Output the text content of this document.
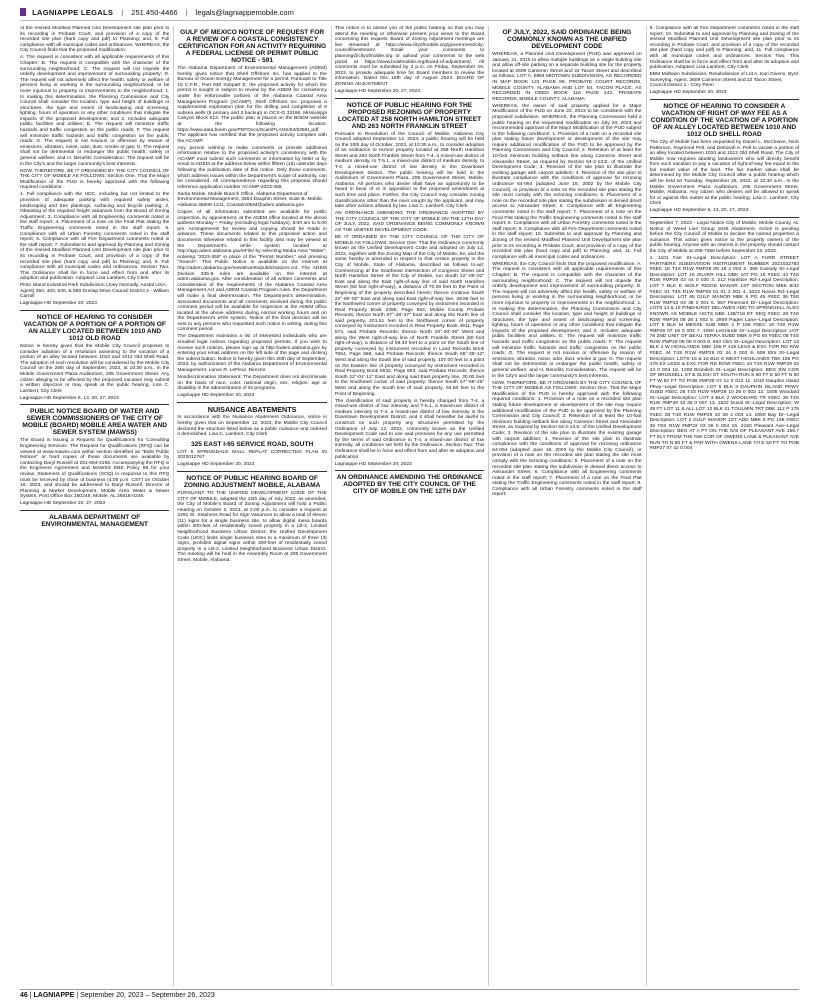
LAGNIAPPE LEGALS | 251.450-4466 | legals@lagniappemobile.com

of the revised Modified Planned Unit Development site plan prior to its recording in Probate Court, and provision of a copy of the recorded site plan (hard copy and pdf) to Planning; and, 8. Full compliance with all municipal codes and ordinances. WHEREAS, the City Council finds that the proposed modification:

A. The request is consistent with all applicable requirements of this Chapter; B. The request is compatible with the character of the surrounding neighborhood; C. The request will not impede the orderly development and improvement of surrounding property; D. The request will not adversely affect the health, safety or welfare of persons living or working in the surrounding neighborhood, or be more injurious to property or improvements in the neighborhood; 1. In making this determination, the Planning Commission and City Council shall consider the location, type and height of buildings or structures, the type and extent of landscaping and screening, lighting, hours of operation or any other conditions that mitigate the impacts of the proposed development; and 2. Includes adequate public facilities and utilities; E. The request will minimize traffic hazards and traffic congestion on the public roads; F. The request will minimize traffic hazards and traffic congestion on the public roads; G. The request is not noxious or offensive by reason of emissions, vibration, noise, odor, dust, smoke or gas; G. The request shall not be detrimental or endanger the public health, safety or general welfare; and H. Benefits Consideration. The request will be in the City's and the larger community's best interests.

NOW, THEREFORE, BE IT ORDAINED BY THE CITY COUNCIL OF THE CITY OF MOBILE AS FOLLOWS: Section One. That the Major Modification of the PUD is hereby approved with the following required conditions:

1. Full compliance with the UDC, including but not limited to the provision of adequate parking with required safety aisles, landscaping and tree plantings, surfacing and bicycle parking; 2. Obtaining of the required height variances from the Board of Zoning Adjustment; 3. Compliance with all Engineering comments noted in the staff report; 4. Placement of a note on the Final Plat stating the Traffic Engineering comments noted in the staff report; 5. Compliance with all Urban Forestry comments noted in the staff report; 6. Compliance with all Fire Department comments noted in the staff report; 7. Submittal to and approval by Planning and Zoning of the revised Modified Planned Unit Development site plan prior to its recording in Probate Court, and provision of a copy of the recorded site plan (hard copy and pdf) to Planning; and, 8. Full compliance with all municipal codes and ordinances. Section Two. This Ordinance shall be in force and effect from and after its adoption and publication. Adopted: Lisa Lambert, City Clerk

Pinto Island Industrial Park Subdivision (Joey Nonnally, Austal USA, Agent) 350, 400, 530, & 660 Dunlap Drive Council District 2 - William Carroll

Lagniappe HD September 20, 2023

NOTICE OF HEARING TO CONSIDER VACATION OF A PORTION OF A PORTION OF AN ALLEY LOCATED BETWEEN 1010 AND 1012 OLD ROAD

Notice is hereby given that the Mobile City Council proposes to consider adoption of a resolution assenting to the vacation of a portion of an alley located between 1010 and 1012 Old Shell Road. The adoption of such resolution will be considered by the Mobile City Council on the 26th day of September, 2023, at 10:30 a.m., in the Mobile Government Plaza Auditorium, 205 Government Street. Any citizen alleging to be affected by the proposed vacation may submit a written objection or may speak at the public hearing. Lisa C. Lambert, City Clerk

Lagniappe HD September 6, 13, 20, 27, 2023

PUBLIC NOTICE BOARD OF WATER AND SEWER COMMISSIONERS OF THE CITY OF MOBILE (BOARD) MOBILE AREA WATER AND SEWER SYSTEM (MAWSS)

The Board is issuing a Request for Qualifications for Consulting Engineering Services. The Request for Qualifications (RFQ) can be viewed at www.mawss.com within section identified as "Bids/ Public Notices" or hard copies of these documents are available by contacting Daryl Russell at 251-694-3196. Accompanying the RFQ is the Engineers Agreement and MAWSS EBE Policy 98 for your review. Statement of Qualifications (SOQ) in response to this RFQ must be received by close of business (4:00 p.m. CST) on October 16, 2023, and should be addressed to Daryl Russell, Director of Planning & Market Development, Mobile Area Water & Sewer System, Post Office Box 180249, Mobile, AL 36618-0249.

Lagniappe HD September 20, 27, 2023

ALABAMA DEPARTMENT OF ENVIRONMENTAL MANAGEMENT
GULF OF MEXICO NOTICE OF REQUEST FOR A REVIEW OF A COASTAL CONSISTENCY CERTIFICATION FOR AN ACTIVITY REQUIRING A FEDERAL LICENSE OR PERMIT PUBLIC NOTICE - 591

The Alabama Department of Environmental Management (ADEM) hereby gives notice that Shell Offshore Inc. has applied to the Bureau of Ocean Energy Management for a permit. Pursuant to Title 15 C.F.R., Part 930 Subpart E, the proposed activity for which the permit is sought is subject to review by the ADEM for consistency under the enforceable policies of the Alabama Coastal Area Management Program (ACAMP). Shell Offshore Inc. proposes a supplemental exploration plan for the drilling and completion of 8 subsea wells (5 primary and 3 backup) in OCS-G 33166, Mississippi Canyon Block 612. The public plan is placed on the BOEM website at the following location: https://www.data.boem.gov/PDFDocs/Scan/PLANS/53/53581.pdf. The applicant has certified that the proposed activity complies with the ACAMP.

Any person wishing to make comments or provide additional information relative to the proposed activity's consistency with the ACAMP must submit such comments or information by letter or by email to ADEM at the address below within fifteen (15) calendar days following the publication date of this notice. Only those comments, which address issues within the Department's scope of authority, can be considered. All correspondence regarding this proposal should reference application number ACAMP-2023-359.

Sarita Mickle, Mobile Branch Office, Alabama Department of Environmental Management, 3664 Dauphin Street, Suite B, Mobile, Alabama 36608-1211, CoastalADEM@adem.alabama.gov

Copies of all information submitted are available for public inspection, by appointment, at the ADEM office located at the above address Monday – Friday (excluding legal holidays), 8:00 am to 5:00 pm. Arrangements for review and copying should be made in advance. These documents related to this proposed action and documents otherwise related to this facility also may be viewed at the Department's eFile system located at http://app.adem.alabama.gov/eFile/ by selecting Media Area "Water", entering "2023-359" in place of the "Permit Number," and pressing "Search". This Public Notice is available on the internet at http://adem.alabama.gov/newsEvents/publicNotices.cnt. The ADEM Division 335-8 rules are available on the internet at adem.alabama.gov. After consideration of all written comments and consideration of the requirements of the Alabama Coastal Area Management Act and ADEM Coastal Program rules, the Department will make a final determination. The Department's determination, associated documents and all comments received during the public comment period will be available for inspection at the ADEM office located at the above address during normal working hours and on the Department's eFile system. Notice of the final decision will be sent to any persons who requested such notice in writing, during this comment period.

The Department maintains a list of interested individuals who are emailed legal notices regarding proposed permits. If you wish to receive such notices, please sign up at http://adem.alabama.gov by entering your email address on the left side of the page and clicking the submit button. Notice is hereby given this 20th day of September, 2023, by authorization of the Alabama Department of Environmental Management. Lance R. LeFleur, Director

Nondiscrimination Statement: The Department does not discriminate on the basis of race, color, national origin, sex, religion, age or disability in the administration of its programs.

Lagniappe HD September 20, 2023

NUISANCE ABATEMENTS

In accordance with the Nuisance Abatement Ordinance, notice is hereby given that on September 12, 2023, the Mobile City Council declared the structure listed below as a public nuisance and ordered it demolished. Lisa C. Lambert, City Clerk

325 EAST I-65 SERVICE ROAD, SOUTH

LOT 5 SPRINGDALE MALL REPLAT CORRECTED PLAN IN 2022012767

Lagniappe HD September 20, 2023

NOTICE OF PUBLIC HEARING BOARD OF ZONING ADJUSTMENT MOBILE, ALABAMA

PURSUANT TO THE UNIFIED DEVELOPMENT CODE OF THE CITY OF MOBILE, adopted the 12th day of July 2022, as amended, the City of Mobile's Board of Zoning Adjustment will hold a Public Hearing on October 2, 2023, at 2:00 p.m. to consider a request at 2291 St. Stephens Road for Sign Variances to allow a total of eleven (11) signs for a single business site, to allow digital mesa boards within 300-feet of residentially zoned property in a LB-2, Limited Neighborhood Business Urban District; the Unified Development Code (UDC) limits single business sites to a maximum of three (3) signs, prohibits digital signs within 300-feet of residentially zoned property in a LB-2, Limited Neighborhood Business Urban District. The meeting will be held in the Assembly Room at 205 Government Street, Mobile, Alabama.

This notice is to advise you of the public hearing so that you may attend the meeting or otherwise present your views to the Board concerning this request. Board of Zoning Adjustment meetings are live streamed at https://www.cityofmobile.org/government/city-council/livestream/. Email your comments to planning@cityofmobile.org or upload your comments to the web portal at https://www.buildmobile.org/board-of-adjustment/. All comments must be submitted by 2 p.m. on Friday, September 29, 2023, to provide adequate time for Board members to review the information. Dated this 16th day of August 2023. BOARD OF ZONING ADJUSTMENT

Lagniappe HD September 20, 27, 2023

NOTICE OF PUBLIC HEARING FOR THE PROPOSED REZONING OF PROPERTY LOCATED AT 258 NORTH HAMILTON STREET AND 263 NORTH FRANKLIN STREET

Pursuant to Resolution of the Council of Mobile, Alabama City Council adopted September 12, 2023, a public hearing will be held on the 10th day of October, 2023, at 10:30 a.m., to consider adoption of an ordinance to rezone property located at 258 North Hamilton Street and 263 North Franklin Street from T-4, a mixed-use district of medium density, to T-5.1, a mixed-use district of medium density, to T-4, a mixed-use district of low density in the Downtown Development District. The public hearing will be held in the Auditorium of Government Plaza, 205 Government Street, Mobile, Alabama. All persons who desire shall have an opportunity to be heard in favor of or in opposition to the proposed amendment at such time and place. Further, the City Council may consider zoning classifications other than the ones sought by the applicant, and may take other actions allowed by law. Lisa C. Lambert, City Clerk

AN ORDINANCE AMENDING THE ORDINANCE ADOPTED BY THE CITY COUNCIL OF THE CITY OF MOBILE ON THE 12TH DAY OF JULY, 2022, SAID ORDINANCE BEING COMMONLY KNOWN AS THE UNIFIED DEVELOPMENT CODE.

BE IT ORDAINED BY THE CITY COUNCIL OF THE CITY OF MOBILE AS FOLLOWS: Section One: That the Ordinance commonly known as the Unified Development Code and adopted on July 12, 2022, together with the Zoning Map of the City of Mobile, be, and the same hereby is amended in respect to that certain property in the City of Mobile, State of Alabama, described as follows to-wit: Commencing at the Southeast intersection of Congress Street and North Hamilton Street of the City of Mobile, run South 22°-06'-02" East and along the East right-of-way line of said North Hamilton Street (50 foot right-of-way), a distance of 70.00 feet to the Point of Beginning of the property described herein; thence continue South 22°-06'-02" East and along said East right-of-way line, 39.96 feet to the Northwest corner of property conveyed by instrument recorded in Real Property Book 2395, Page 553, Mobile County Probate Records; thence North 67°-48'-47" East and along the North line of said property, 201.51 feet to the Northwest corner of property conveyed by instrument recorded in Real Property Book 4911, Page 574, said Probate Records; thence North 20°-30'-36" West and along the West right-of-way line of North Franklin Street (50 foot right-of-way), a distance of 69.40 feet to a point on the South line of property conveyed by instrument recorded in Land Records Book 7654, Page 568, said Probate Records; thence South 68°-35'-12" West and along the South line of said property, 107.00 feet to a point on the Eastern line of property conveyed by instrument recorded in Real Property Book 5532, Page 683, said Probate Records; thence South 22°-04'-12" East and along said East property line, 30.00 feet to the Southeast corner of said property; thence South 67°-59'-25" West and along the South line of said property, 94.50 feet to the Point of Beginning.

The classification of said property is hereby changed from T-4, a mixed-use district of low intensity and T-5.1, a mixed-use district of medium intensity to T-4, a mixed-use district of low intensity in the Downtown Development District, and it shall hereafter be lawful to construct on such property any structures permitted by the Ordinance of July 12, 2022, commonly known as the Unified Development Code and to use said premises for any use permitted by the terms of said Ordinance in T-4, a mixed-use district of low intensity, all conditions set forth by the Ordinance. Section Two: This Ordinance shall be in force and effect from and after its adoption and publication.

Lagniappe HD September 20, 2023

AN ORDINANCE AMENDING THE ORDINANCE ADOPTED BY THE CITY COUNCIL OF THE CITY OF MOBILE ON THE 12TH DAY
OF JULY, 2022, SAID ORDINANCE BEING COMMONLY KNOWN AS THE UNIFIED DEVELOPMENT CODE

WHEREAS, a Planned Unit Development (PUD) was approved on January 21, 2010 to allow multiple buildings on a single building site and allow off-site parking on a separate building site for the property located at 2609 Cameron Street and 22 Taxon Street and described as follows: LOT A, EBM MIDTOWN SUBDIVISION, AS RECORDED IN MAP BOOK 123 PAGE 89, PROBATE COURT RECORDS, MOBILE COUNTY, ALABAMA AND LOT 84, TACON PLACE, AS RECORDED IN DEED BOOK 116 PAGE 242, PROBATE RECORDS, MOBILE COUNTY, ALABAMA

WHEREAS, the owner of said property applied for a Major Modification of the PUD on June 22, 2023 to be consistent with the proposed subdivision. WHEREAS, the Planning Commission held a public hearing on the requested modification on July 20, 2023 and recommended approval of the Major Modification of the PUD subject to the following conditions: 1. Provision of a note on a recorded site plan stating future development or development of the site may require additional modification of the PUD to be approved by the Planning Commission and City Council; 2. Retention of at least the 10-foot minimum building setback line along Cameron Street and Alexander Street, as required by Section 64-2-13.E. of the Unified Development Code; 3. Revision of the site plan to illustrate the existing garage with carport addition; 4. Revision of the site plan to illustrate compliance with the conditions of approval for rezoning ordinance 64-064 (adopted June 18, 2002 by the Mobile City Council), or provision of a note on the recorded site plan stating the site must comply with the rezoning conditions; 5. Placement of a note on the recorded site plan stating the subdivision is denied direct access to Alexander Street; 6. Compliance with all Engineering comments noted in the staff report; 7. Placement of a note on the Final Plat stating the Traffic Engineering comments noted in the staff report; 8. Compliance with all Urban Forestry comments noted in the staff report; 9. Compliance with all Fire Department comments noted in the staff report; 10. Submittal to and approval by Planning and Zoning of the revised Modified Planned Unit Development site plan prior to its recording in Probate Court, and provision of a copy of the recorded site plan (hard copy and pdf) to Planning; and, 11. Full compliance with all municipal codes and ordinances.

WHEREAS, the City Council finds that the proposed modification: A. The request is consistent with all applicable requirements of this Chapter; B. The request is compatible with the character of the surrounding neighborhood; C. The request will not impede the orderly development and improvement of surrounding property; D. The request will not adversely affect the health, safety or welfare of persons living or working in the surrounding neighborhood, or be more injurious to property or improvements in the neighborhood; 1. In making this determination, the Planning Commission and City Council shall consider the location, type and height of buildings or structures, the type and extent of landscaping and screening, lighting, hours of operation or any other conditions that mitigate the impacts of the proposed development; and 2. Includes adequate public facilities and utilities; E. The request will minimize traffic hazards and traffic congestion on the public roads; F. The request will minimize traffic hazards and traffic congestion on the public roads; G. The request is not noxious or offensive by reason of emissions, vibration, noise, odor, dust, smoke or gas; G. The request shall not be detrimental or endanger the public health, safety or general welfare; and H. Benefits Consideration. The request will be in the City's and the larger community's best interests.

NOW, THEREFORE, BE IT ORDAINED BY THE CITY COUNCIL OF THE CITY OF MOBILE AS FOLLOWS: Section One. That the Major Modification of the PUD is hereby approved with the following required conditions: 1. Provision of a note on a recorded site plan stating future development or development of the site may require additional modification of the PUD to be approved by the Planning Commission and City Council; 2. Retention of at least the 10-foot minimum building setback line along Cameron Street and Alexander Street, as required by Section 64-2-13.E. of the Unified Development Code; 3. Revision of the site plan to illustrate the existing garage with carport addition; 4. Revision of the site plan to illustrate compliance with the conditions of approval for rezoning ordinance 64-064 (adopted June 18, 2002 by the Mobile City Council), or provision of a note on the recorded site plan stating the site must comply with the rezoning conditions; 5. Placement of a note on the recorded site plan stating the subdivision is denied direct access to Alexander Street; 6. Compliance with all Engineering comments noted in the staff report; 7. Placement of a note on the Final Plat stating the Traffic Engineering comments noted in the staff report; 8. Compliance with all Urban Forestry comments noted in the staff report;

9. Compliance with all Fire Department comments noted in the staff report; 10. Submittal to and approval by Planning and Zoning of the revised Modified Planned Unit Development site plan prior to its recording in Probate Court, and provision of a copy of the recorded site plan (hard copy and pdf) to Planning; and, 11. Full compliance with all municipal codes and ordinances. Section Two. This Ordinance shall be in force and effect from and after its adoption and publication. Adopted: Lisa Lambert, City Clerk

EBM Midtown Subdivision, Resubdivision of Lot A, Kari Givens, Byrd Surveying, Agent, 2609 Cameron Street and 22 Tacon Street, Council District 1 - Cory Penn

Lagniappe HD September 20, 2023

NOTICE OF HEARING TO CONSIDER A VACATION OF RIGHT OF WAY FEE AS A CONDITION OF THE VACATION OF A PORTION OF AN ALLEY LOCATED BETWEEN 1010 AND 1012 OLD SHELL ROAD

The City of Mobile has been requested by Daniel L. McCleave, Nicki Patterson, Raymond Pelt, and Deborah A. Pelt to vacate a portion of an alley located between 1010 and 1012 Old Shell Road. The City of Mobile now requires abutting landowners who will directly benefit from such vacation to pay a vacation of right-of-way fee equal to the fair market value of the land. The fair market value shall be determined by the Mobile City Council after a public hearing which will be held on Tuesday, September 26, 2023, at 10:30 a.m., in the Mobile Government Plaza Auditorium, 205 Government Street, Mobile, Alabama. Any citizen who desires will be allowed to speak for or against this matter at the public hearing. Lisa C. Lambert, City Clerk

Lagniappe HD September 6, 13, 20, 27, 2023

September 7, 2023 - Legal Notice City of Mobile, Mobile County, AL Notice of Weed Lien Group 1646 Abatement. Action is pending before the City Council of Mobile to declare the named properties a nuisance. This action gives notice to the property owners of the public hearing. Anyone with an interest in the property should contact the City of Mobile at 208-7258 before September 22, 2023.

1. 1101 Farr St--Legal Description: LOT A FURR STREET PARTNERS SUBDIVISION INSTRUMENT NUMBER 2021032783 #SEC 18 T4S R1W #MP29 08 18 2 002 2. 356 Cassidy St--Legal Description: LOT 16 SILVER HILL DBK 107 PG 19 #SEC 44 T4S R1W #MP29 02 44 0 030 3. 212 Hamilton Rd--Legal Description: LOT 7 BLK E WOLF RIDGE MANOR 1ST SECTION MBK 8/42 #SEC 01 T4S R1W #MP29 01 01 2 001 4. 1023 Novus Rd--Legal Description: LOT 65 GULF MANOR MBK 6 PG 45 #SEC 36 T5S R1W #MP32 03 36 0 001 5. 957 Pinemont Dr--Legal Description: LOTS 14 & 15 PINEHURST DELAWES ADD TO SPRINGHILL ALSO KNOWN AS MOBILE HGTS DBK 138/718 ET SEQ #SEC 28 T4S R2W #MP29 08 28 1 002 6. 2909 Pages Lane--Legal Description: LOT 5 BLK M MESSE SUB MBK 4 P 168 #SEC 18 T4S R1W #MP29 07 18 0 003 7. 1050 LeGrande Dr--Legal Description: LOT 78 2ND UNIT OF BEAU TERRA SUBD MBK 8 PG 94 #SEC 05 T4S R2W #MP28 08 05 0 003 8. 653 Clim St--Legal Description: LOT 13 BLK 4 W HIGHLANDS DBK 156 P 419 LESS & EXC FOR RD R/W #SEC 44 T4S R1W #MP29 02 44 0 003 9. 609 Elm St--Legal Description: LOTS 15 & 16 BLK 6 WEST HIGHLANDS TBK 156 PG 478 EX LESS & EXC FOR RD ROW #SEC 44 T4S R1W #MP29 02 44 0 004 10. 1200 Brandish St--Legal Description: BEG SW COR OF BRUSSELL ST & SLIGH ST SOUTH RUN S 60 FT E 50 FT N 60 FT W 50 FT TO POB #MP29 07 12 0 012 11. 1010 Dauphin Island Pkwy--Legal Description: LOT 5 BLK 3 DAUPHIN ISLAND PKWY SUBD #SEC 28 T4S R1W #MP29 10 28 0 003 12. 1605 Woodard St--Legal Description: LOT 3 BLK 2 WOODARD TR #SEC 35 T4S R1W #MP29 10 35 0 007 13. 1622 Duval St--Legal Description: W 48 FT LOT 11 & ALL LOT 12 BLK 21 TOULMIN TRT DBK 112 P 175 #SEC 28 T4S R1W #MP29 10 28 4 003 14. 2050 Bay Dr--Legal Description: LOT 2 GULF MANOR 1ST ADD MBK 8 PG 159 #SEC 36 T5S R1W #MP32 03 36 0 004 15. 2150 Pleasant Ave--Legal Description: BEG AT A PT ON THE N/S OF PLEASANT AVE 155.7 FT ELY FROM THE NW COR OF OWENS LANE & PLEASANT AVE RUN TH N 60 FT & PAR WITH OWENS LANE TH E 50 FT TO POB #MP27 07 42 0 004

46 | LAGNIAPPE | September 20, 2023 – September 26, 2023
